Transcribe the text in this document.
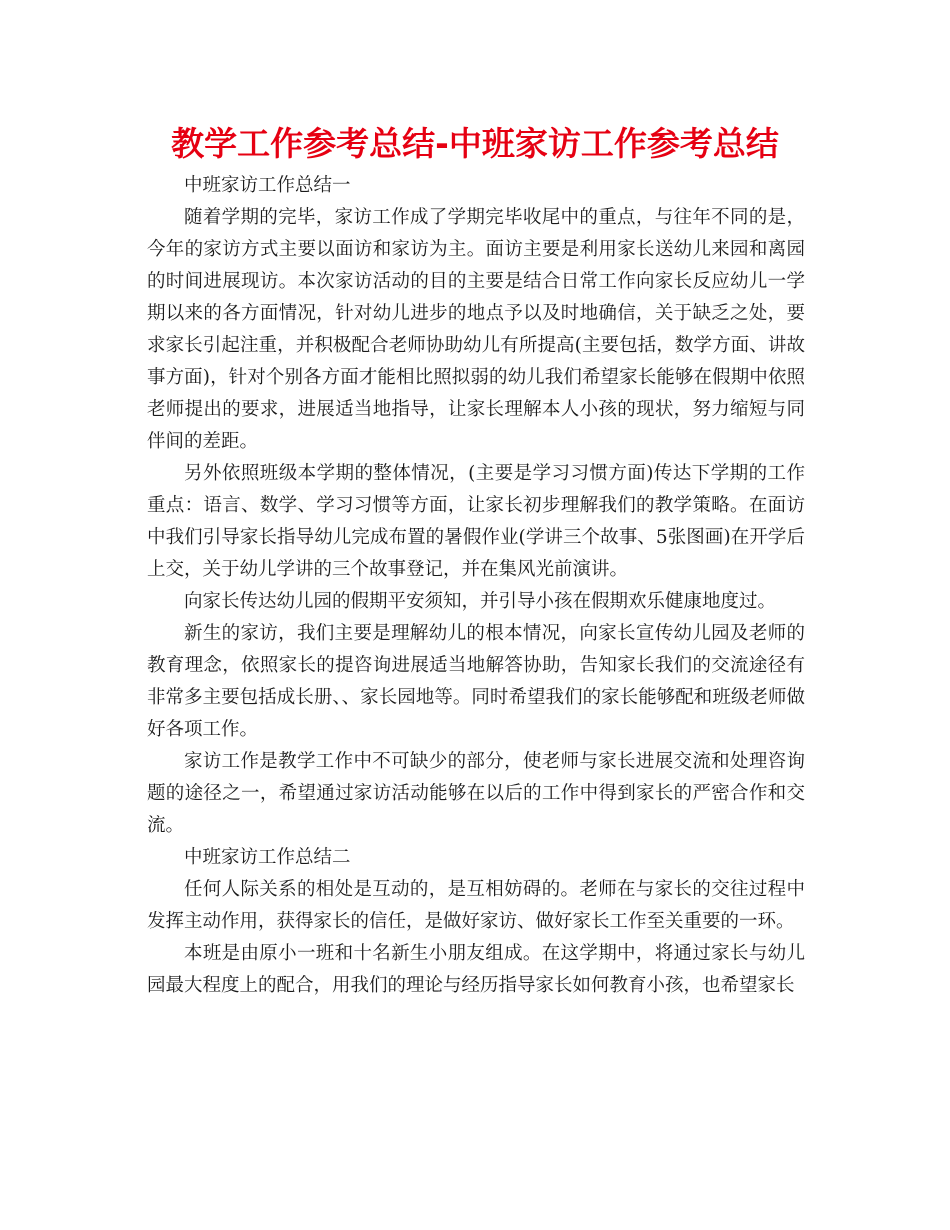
教学工作参考总结-中班家访工作参考总结

中班家访工作总结一

随着学期的完毕，家访工作成了学期完毕收尾中的重点，与往年不同的是，今年的家访方式主要以面访和家访为主。面访主要是利用家长送幼儿来园和离园的时间进展现访。本次家访活动的目的主要是结合日常工作向家长反应幼儿一学期以来的各方面情况，针对幼儿进步的地点予以及时地确信，关于缺乏之处，要求家长引起注重，并积极配合老师协助幼儿有所提高(主要包括，数学方面、讲故事方面)，针对个别各方面才能相比照拟弱的幼儿我们希望家长能够在假期中依照老师提出的要求，进展适当地指导，让家长理解本人小孩的现状，努力缩短与同伴间的差距。

另外依照班级本学期的整体情况，(主要是学习习惯方面)传达下学期的工作重点：语言、数学、学习习惯等方面，让家长初步理解我们的教学策略。在面访中我们引导家长指导幼儿完成布置的暑假作业(学讲三个故事、5张图画)在开学后上交，关于幼儿学讲的三个故事登记，并在集风光前演讲。

向家长传达幼儿园的假期平安须知，并引导小孩在假期欢乐健康地度过。

新生的家访，我们主要是理解幼儿的根本情况，向家长宣传幼儿园及老师的教育理念，依照家长的提咨询进展适当地解答协助，告知家长我们的交流途径有非常多主要包括成长册、、家长园地等。同时希望我们的家长能够配和班级老师做好各项工作。

家访工作是教学工作中不可缺少的部分，使老师与家长进展交流和处理咨询题的途径之一，希望通过家访活动能够在以后的工作中得到家长的严密合作和交流。

中班家访工作总结二

任何人际关系的相处是互动的，是互相妨碍的。老师在与家长的交往过程中发挥主动作用，获得家长的信任，是做好家访、做好家长工作至关重要的一环。

本班是由原小一班和十名新生小朋友组成。在这学期中，将通过家长与幼儿园最大程度上的配合，用我们的理论与经历指导家长如何教育小孩，也希望家长
